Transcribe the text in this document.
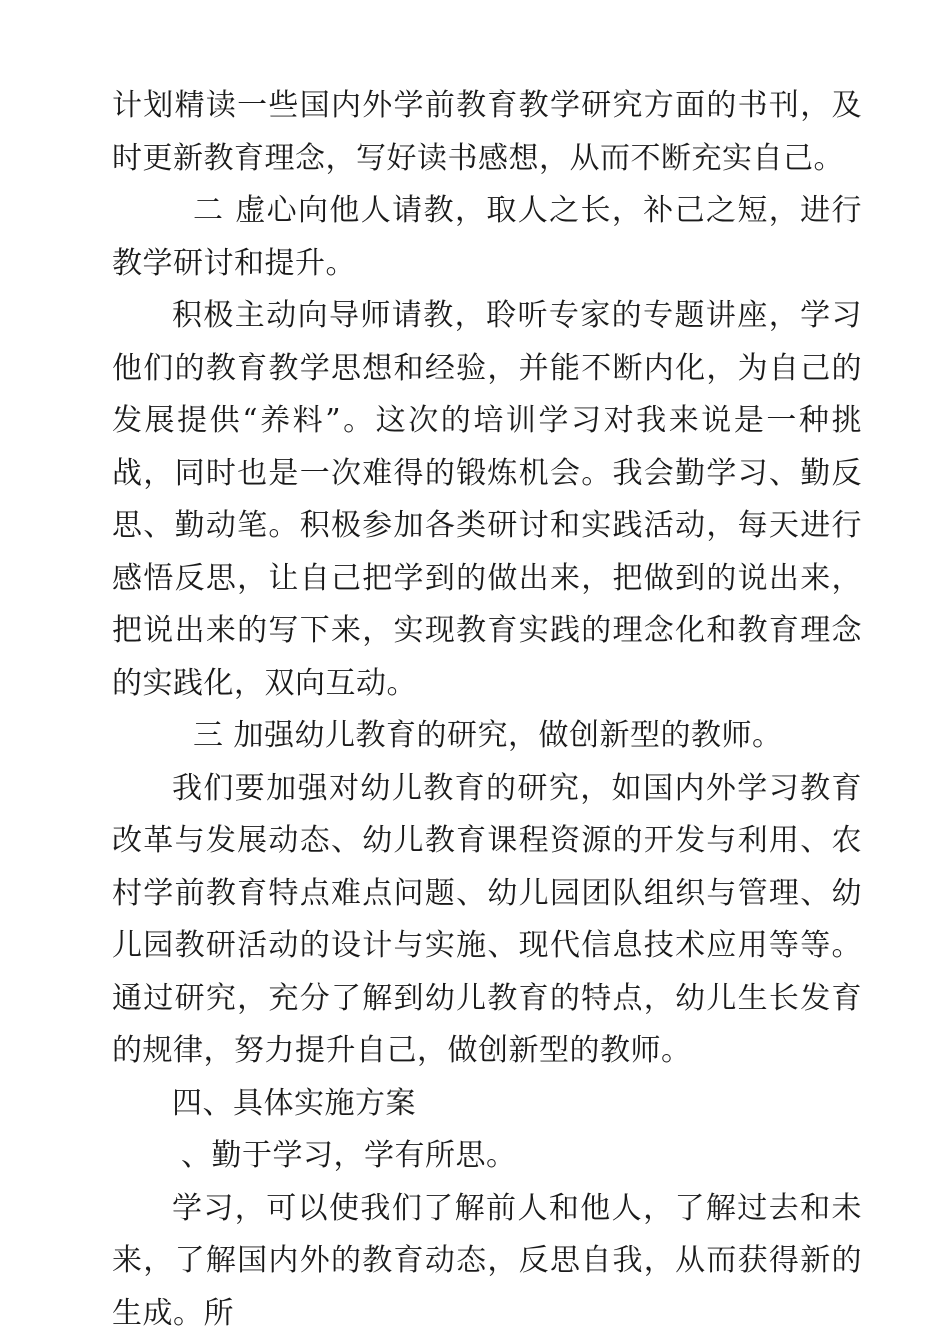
计划精读一些国内外学前教育教学研究方面的书刊，及时更新教育理念，写好读书感想，从而不断充实自己。

二 虚心向他人请教，取人之长，补己之短，进行教学研讨和提升。

积极主动向导师请教，聆听专家的专题讲座，学习他们的教育教学思想和经验，并能不断内化，为自己的发展提供“养料”。这次的培训学习对我来说是一种挑战，同时也是一次难得的锻炼机会。我会勤学习、勤反思、勤动笔。积极参加各类研讨和实践活动，每天进行感悟反思，让自己把学到的做出来，把做到的说出来，把说出来的写下来，实现教育实践的理念化和教育理念的实践化，双向互动。

三 加强幼儿教育的研究，做创新型的教师。

我们要加强对幼儿教育的研究，如国内外学习教育改革与发展动态、幼儿教育课程资源的开发与利用、农村学前教育特点难点问题、幼儿园团队组织与管理、幼儿园教研活动的设计与实施、现代信息技术应用等等。通过研究，充分了解到幼儿教育的特点，幼儿生长发育的规律，努力提升自己，做创新型的教师。

四、具体实施方案

、勤于学习，学有所思。

学习，可以使我们了解前人和他人，了解过去和未来，了解国内外的教育动态，反思自我，从而获得新的生成。所
